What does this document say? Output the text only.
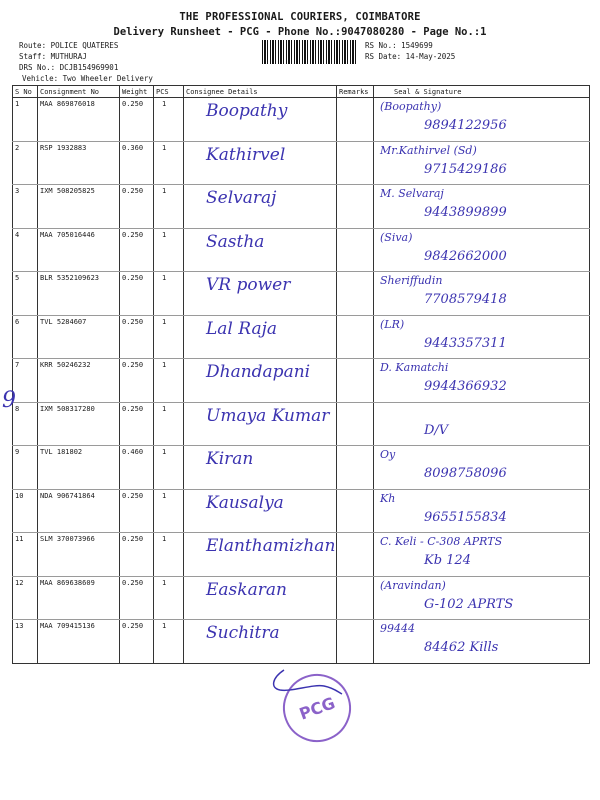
THE PROFESSIONAL COURIERS, COIMBATORE
Delivery Runsheet - PCG - Phone No.:9047080280 - Page No.:1
Route: POLICE QUATERES
Staff: MUTHURAJ
DRS No.: DCJB154969901
Vehicle: Two Wheeler Delivery
RS No.: 1549699
RS Date: 14-May-2025
S No	Consignment No	Weight	PCS	Consignee Details	Remarks	Seal & Signature
1	MAA 869876018	0.250	1	Boopathy		(Boopathy)
9894122956

2	RSP 1932883	0.360	1	Kathirvel		Mr.Kathirvel (Sd)
9715429186

3	IXM 508205825	0.250	1	Selvaraj		M. Selvaraj
9443899899

4	MAA 705016446	0.250	1	Sastha		(Siva)
9842662000

5	BLR 5352109623	0.250	1	VR power		Sheriffudin
7708579418

6	TVL 5284607	0.250	1	Lal Raja		(LR)
9443357311

7	KRR 50246232	0.250	1	Dhandapani		D. Kamatchi
9944366932

8	IXM 508317280	0.250	1	Umaya Kumar		D/V

9	TVL 181802	0.460	1	Kiran		Oy
8098758096

10	NDA 906741864	0.250	1	Kausalya		Kh
9655155834

11	SLM 370073966	0.250	1	Elanthamizhan		C. Keli - C-308 APRTS
Kb 124

12	MAA 869638609	0.250	1	Easkaran		(Aravindan)
G-102 APRTS

13	MAA 709415136	0.250	1	Suchitra		99444
84462 Kills
9
PCG
